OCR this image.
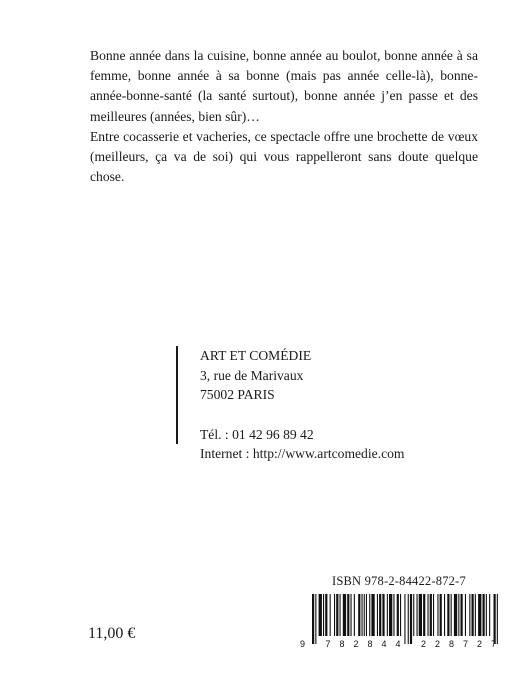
Bonne année dans la cuisine, bonne année au boulot, bonne année à sa femme, bonne année à sa bonne (mais pas année celle-là), bonne-année-bonne-santé (la santé surtout), bonne année j’en passe et des meilleures (années, bien sûr)…

Entre cocasserie et vacheries, ce spectacle offre une brochette de vœux (meilleurs, ça va de soi) qui vous rappelleront sans doute quelque chose.

ART ET COMÉDIE
3, rue de Marivaux
75002 PARIS
Tél. : 01 42 96 89 42
Internet : http://www.artcomedie.com
ISBN 978-2-84422-872-7
9 782844 228727
11,00 €
